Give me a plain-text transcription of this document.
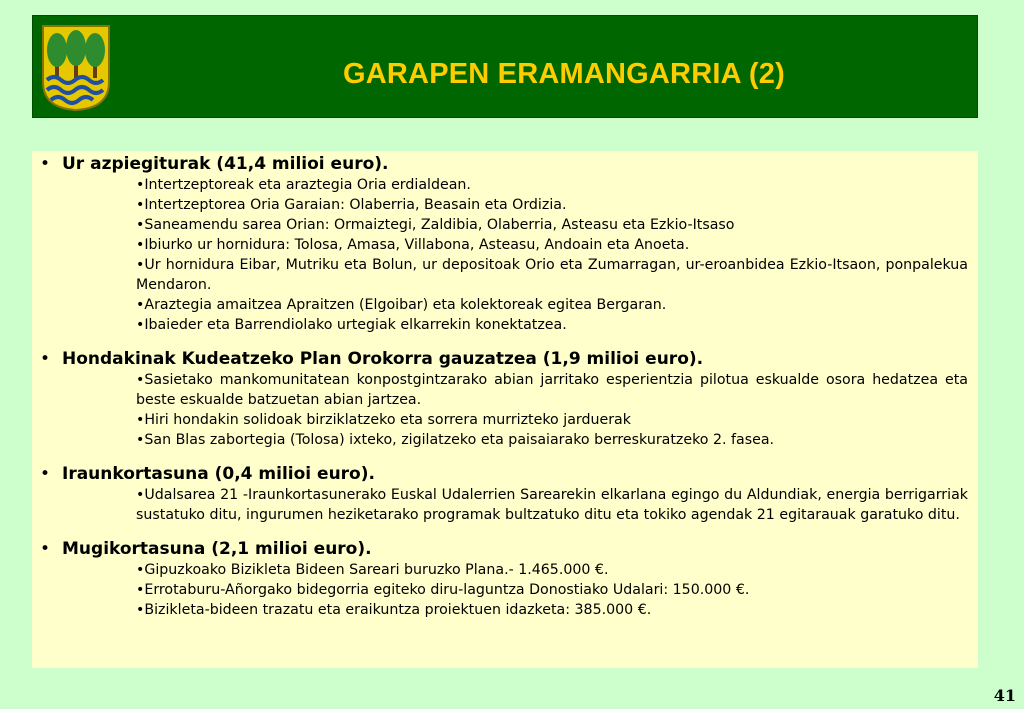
GARAPEN ERAMANGARRIA (2)
• Ur azpiegiturak (41,4 milioi euro).
•Intertzeptoreak eta araztegia Oria erdialdean.
•Intertzeptorea Oria Garaian: Olaberria, Beasain eta Ordizia.
•Saneamendu sarea Orian: Ormaiztegi, Zaldibia, Olaberria, Asteasu eta Ezkio-Itsaso
•Ibiurko ur hornidura: Tolosa, Amasa, Villabona, Asteasu, Andoain eta Anoeta.
•Ur hornidura Eibar, Mutriku eta Bolun, ur depositoak Orio eta Zumarragan, ur-eroanbidea Ezkio-Itsaon, ponpalekua Mendaron.
•Araztegia amaitzea Apraitzen (Elgoibar) eta kolektoreak egitea Bergaran.
•Ibaieder eta Barrendiolako urtegiak elkarrekin konektatzea.
• Hondakinak Kudeatzeko Plan Orokorra gauzatzea (1,9 milioi euro).
•Sasietako mankomunitatean konpostgintzarako abian jarritako esperientzia pilotua eskualde osora hedatzea eta beste eskualde batzuetan abian jartzea.
•Hiri hondakin solidoak birziklatzeko eta sorrera murrizteko jarduerak
•San Blas zabortegia (Tolosa) ixteko, zigilatzeko eta paisaiarako berreskuratzeko 2. fasea.
• Iraunkortasuna (0,4 milioi euro).
•Udalsarea 21 -Iraunkortasunerako Euskal Udalerrien Sarearekin elkarlana egingo du Aldundiak, energia berrigarriak sustatuko ditu, ingurumen heziketarako programak bultzatuko ditu eta tokiko agendak 21 egitarauak garatuko ditu.
• Mugikortasuna (2,1 milioi euro).
•Gipuzkoako Bizikleta Bideen Sareari buruzko Plana.- 1.465.000 €.
•Errotaburu-Añorgako bidegorria egiteko diru-laguntza Donostiako Udalari: 150.000 €.
•Bizikleta-bideen trazatu eta eraikuntza proiektuen idazketa: 385.000 €.
41
